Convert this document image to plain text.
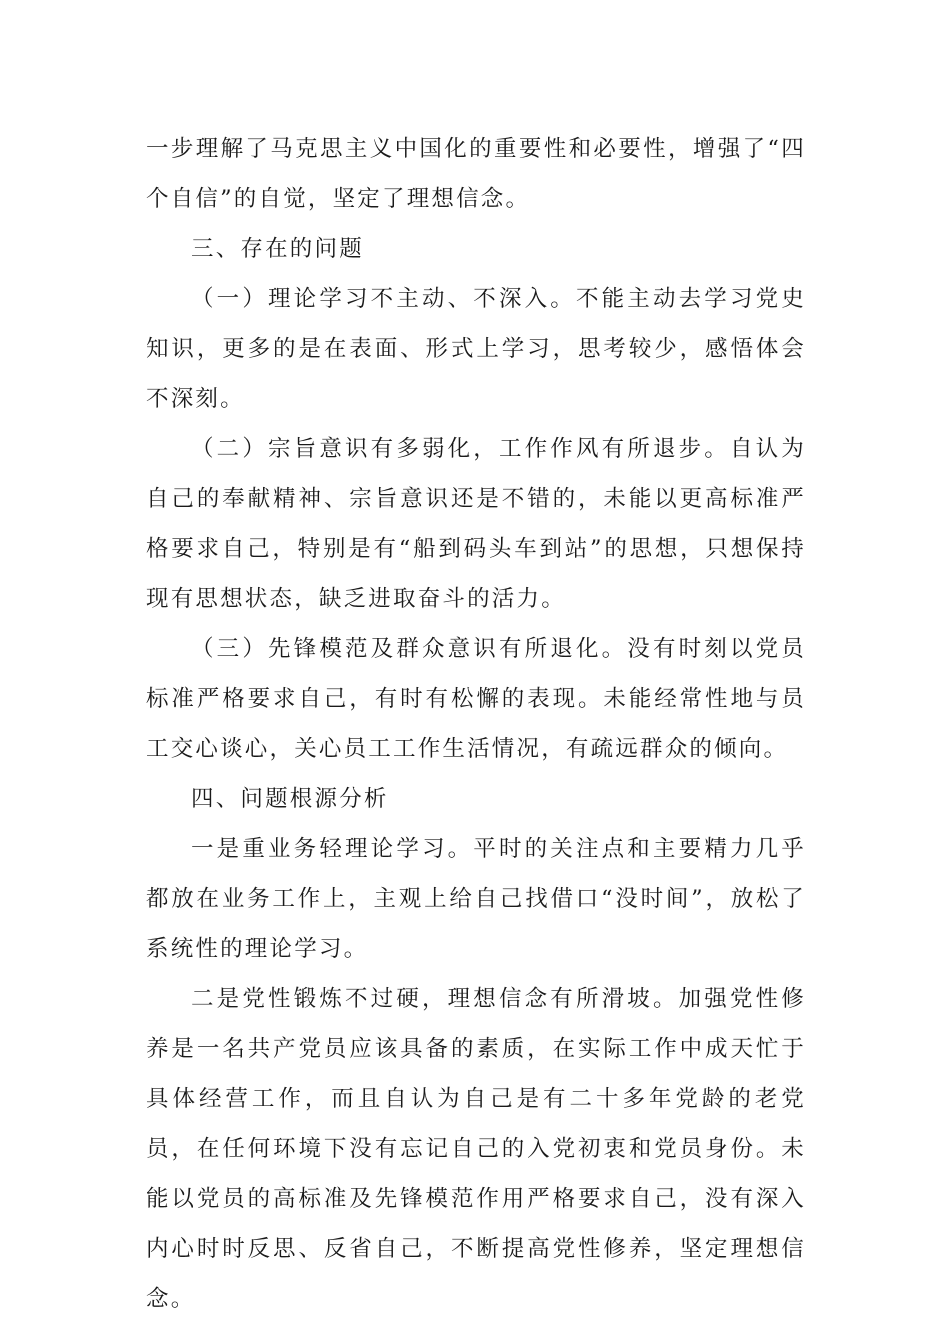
一步理解了马克思主义中国化的重要性和必要性，增强了“四个自信”的自觉，坚定了理想信念。

三、存在的问题

（一）理论学习不主动、不深入。不能主动去学习党史知识，更多的是在表面、形式上学习，思考较少，感悟体会不深刻。

（二）宗旨意识有多弱化，工作作风有所退步。自认为自己的奉献精神、宗旨意识还是不错的，未能以更高标准严格要求自己，特别是有“船到码头车到站”的思想，只想保持现有思想状态，缺乏进取奋斗的活力。

（三）先锋模范及群众意识有所退化。没有时刻以党员标准严格要求自己，有时有松懈的表现。未能经常性地与员工交心谈心，关心员工工作生活情况，有疏远群众的倾向。

四、问题根源分析

一是重业务轻理论学习。平时的关注点和主要精力几乎都放在业务工作上，主观上给自己找借口“没时间”，放松了系统性的理论学习。

二是党性锻炼不过硬，理想信念有所滑坡。加强党性修养是一名共产党员应该具备的素质，在实际工作中成天忙于具体经营工作，而且自认为自己是有二十多年党龄的老党员，在任何环境下没有忘记自己的入党初衷和党员身份。未能以党员的高标准及先锋模范作用严格要求自己，没有深入内心时时反思、反省自己，不断提高党性修养，坚定理想信念。
